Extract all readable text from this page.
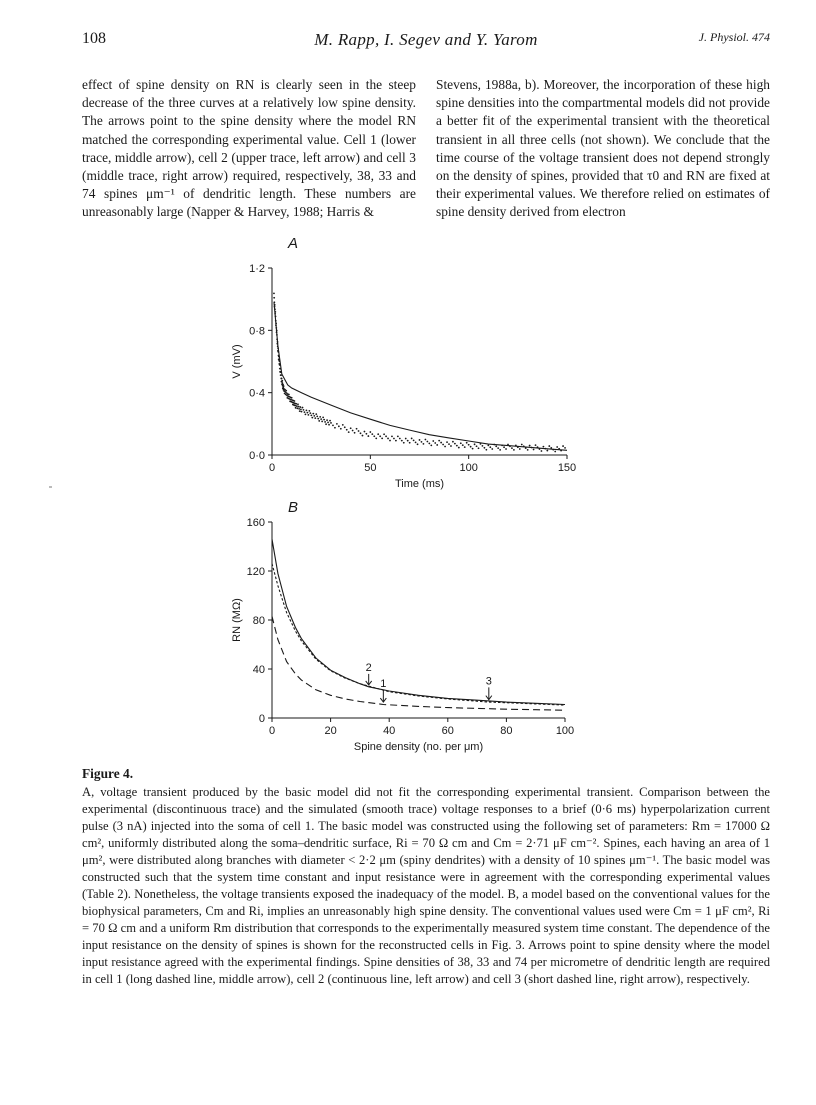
108	M. Rapp, I. Segev and Y. Yarom	J. Physiol. 474
effect of spine density on RN is clearly seen in the steep decrease of the three curves at a relatively low spine density. The arrows point to the spine density where the model RN matched the corresponding experimental value. Cell 1 (lower trace, middle arrow), cell 2 (upper trace, left arrow) and cell 3 (middle trace, right arrow) required, respectively, 38, 33 and 74 spines μm⁻¹ of dendritic length. These numbers are unreasonably large (Napper & Harvey, 1988; Harris &
Stevens, 1988a, b). Moreover, the incorporation of these high spine densities into the compartmental models did not provide a better fit of the experimental transient with the theoretical transient in all three cells (not shown). We conclude that the time course of the voltage transient does not depend strongly on the density of spines, provided that τ0 and RN are fixed at their experimental values. We therefore relied on estimates of spine density derived from electron
A
0	50	100	150
0·0
0·4
0·8
1·2
Time (ms)
V (mV)
B
0	20	40	60	80	100
0
40
80
120
160
Spine density (no. per μm)
RN (MΩ)
2
1	3
Figure 4.
A, voltage transient produced by the basic model did not fit the corresponding experimental transient. Comparison between the experimental (discontinuous trace) and the simulated (smooth trace) voltage responses to a brief (0·6 ms) hyperpolarization current pulse (3 nA) injected into the soma of cell 1. The basic model was constructed using the following set of parameters: Rm = 17000 Ω cm², uniformly distributed along the soma–dendritic surface, Ri = 70 Ω cm and Cm = 2·71 μF cm⁻². Spines, each having an area of 1 μm², were distributed along branches with diameter < 2·2 μm (spiny dendrites) with a density of 10 spines μm⁻¹. The basic model was constructed such that the system time constant and input resistance were in agreement with the corresponding experimental values (Table 2). Nonetheless, the voltage transients exposed the inadequacy of the model. B, a model based on the conventional values for the biophysical parameters, Cm and Ri, implies an unreasonably high spine density. The conventional values used were Cm = 1 μF cm², Ri = 70 Ω cm and a uniform Rm distribution that corresponds to the experimentally measured system time constant. The dependence of the input resistance on the density of spines is shown for the reconstructed cells in Fig. 3. Arrows point to spine density where the model input resistance agreed with the experimental findings. Spine densities of 38, 33 and 74 per micrometre of dendritic length are required in cell 1 (long dashed line, middle arrow), cell 2 (continuous line, left arrow) and cell 3 (short dashed line, right arrow), respectively.
